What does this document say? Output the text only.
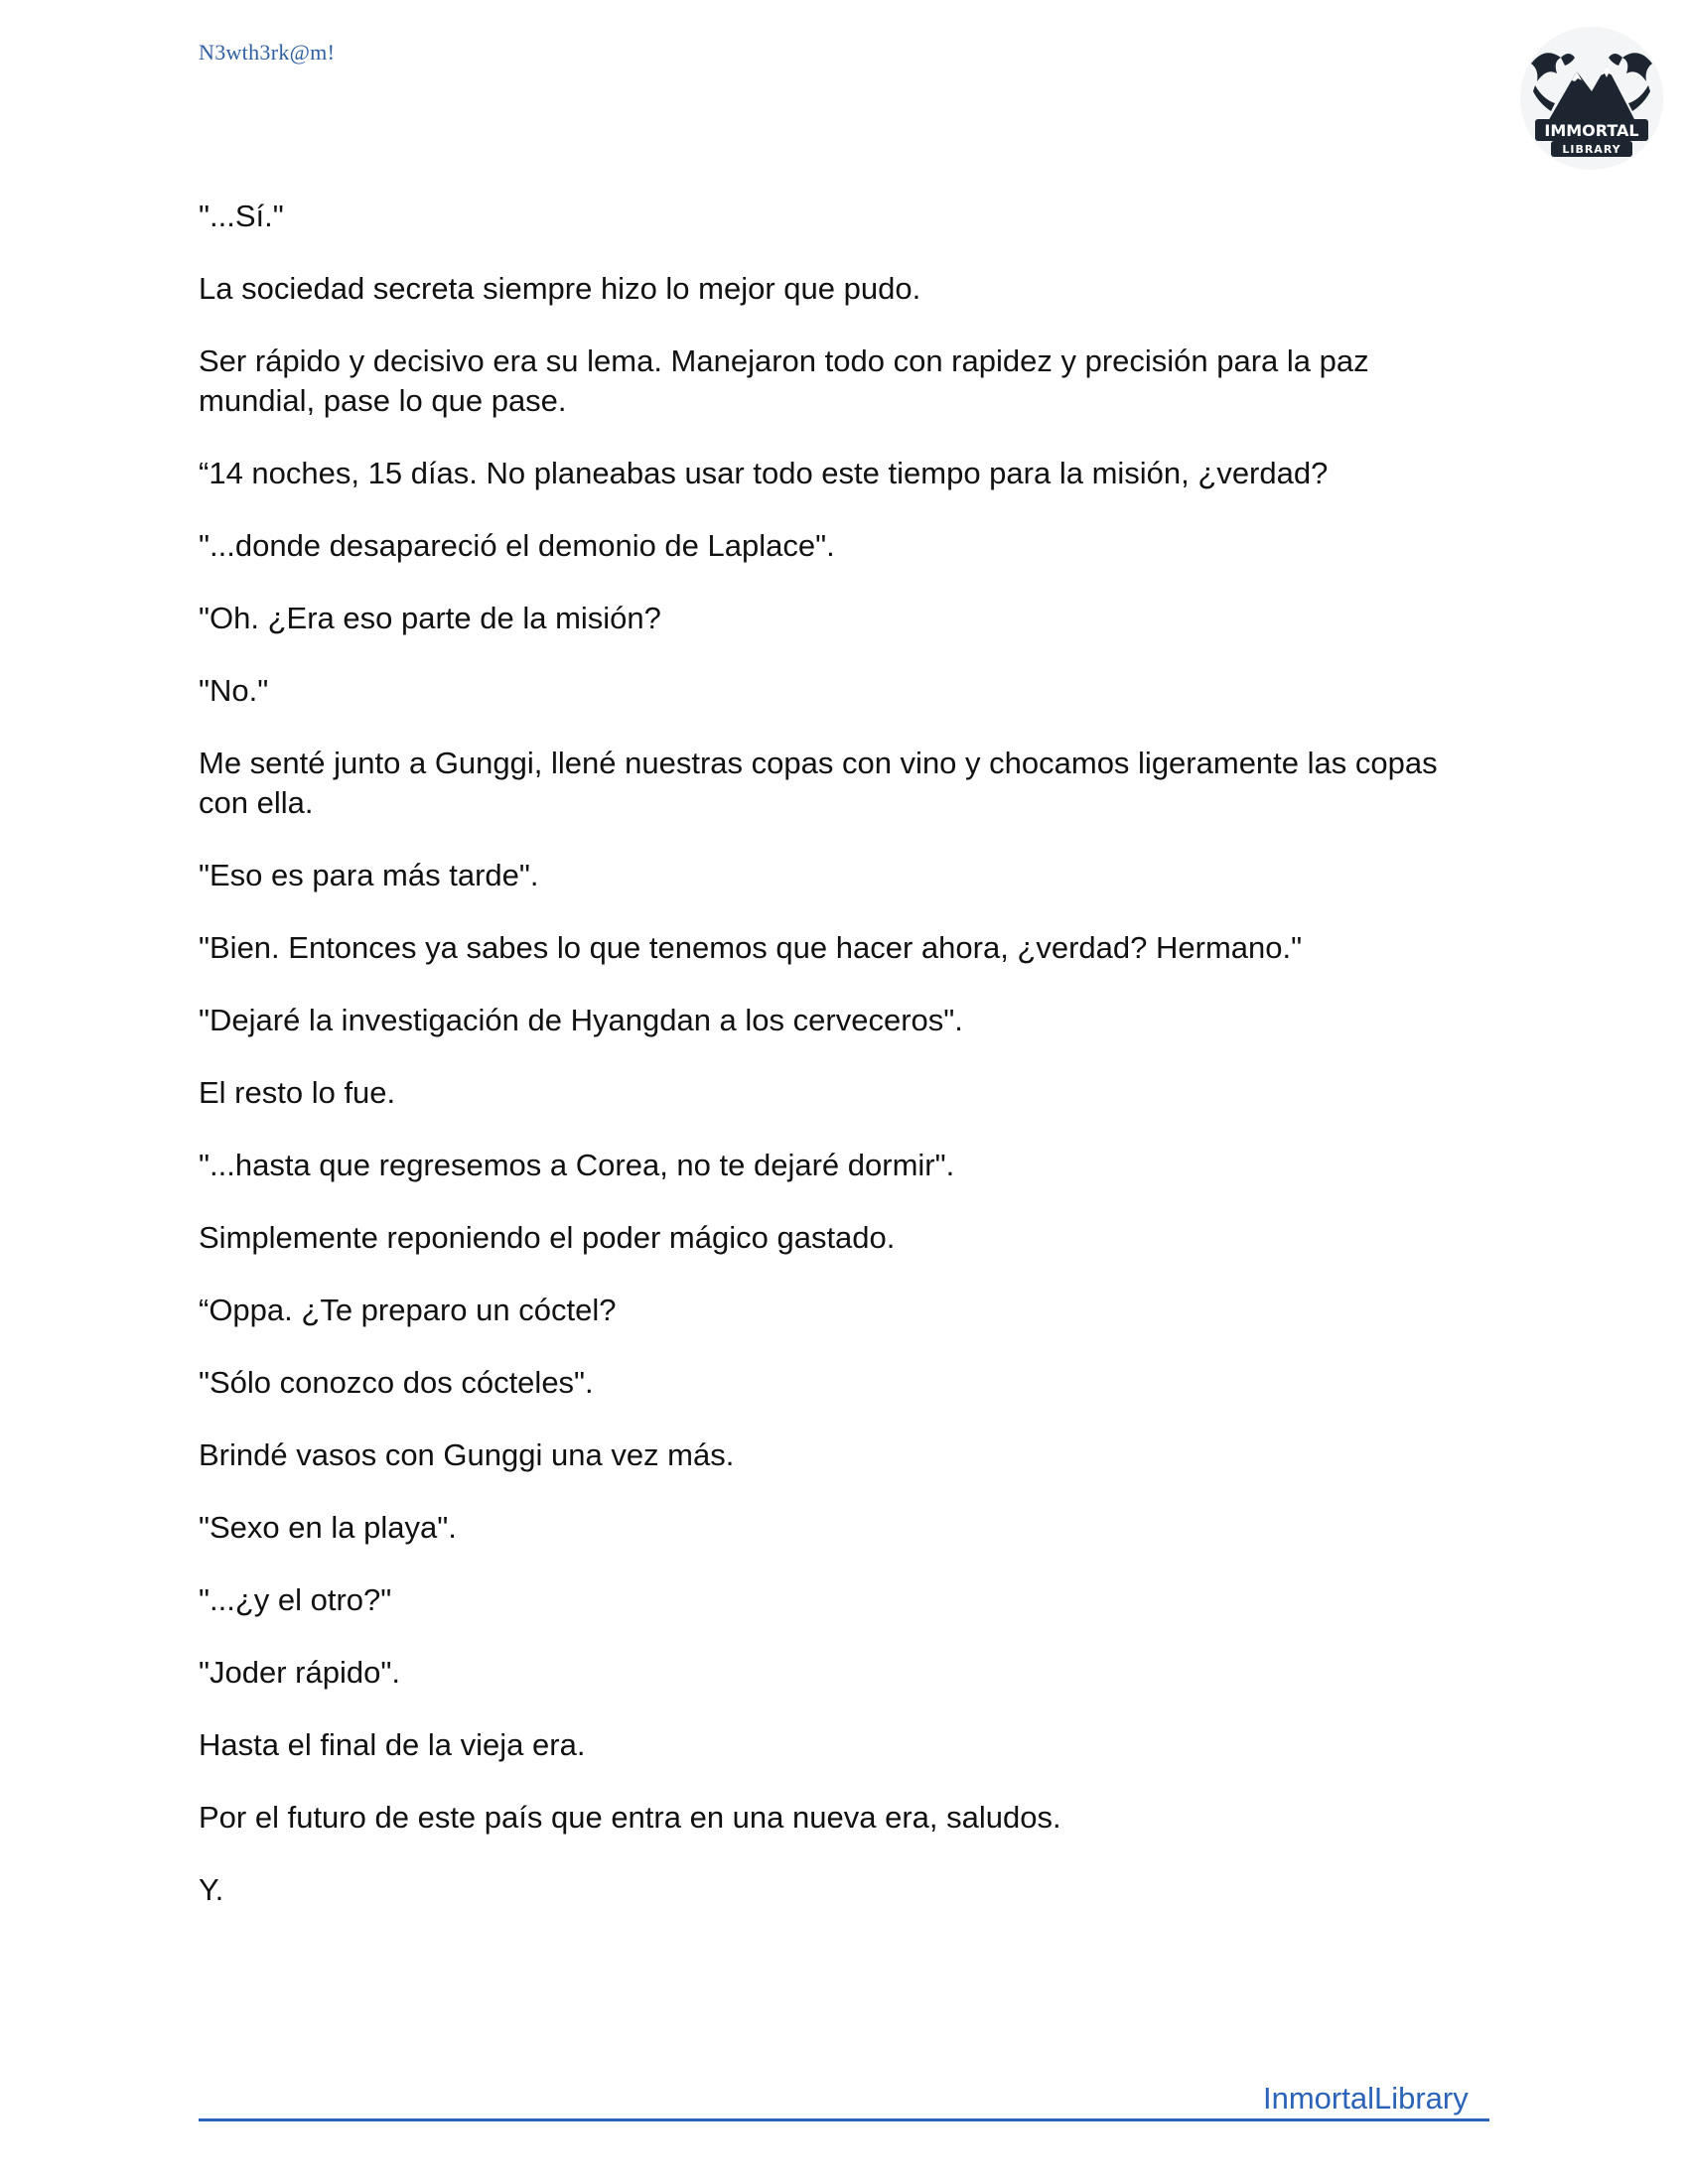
N3wth3rk@m!
IMMORTAL
LIBRARY

"...Sí."

La sociedad secreta siempre hizo lo mejor que pudo.

Ser rápido y decisivo era su lema. Manejaron todo con rapidez y precisión para la paz mundial, pase lo que pase.

“14 noches, 15 días. No planeabas usar todo este tiempo para la misión, ¿verdad?

"...donde desapareció el demonio de Laplace".

"Oh. ¿Era eso parte de la misión?

"No."

Me senté junto a Gunggi, llené nuestras copas con vino y chocamos ligeramente las copas con ella.

"Eso es para más tarde".

"Bien. Entonces ya sabes lo que tenemos que hacer ahora, ¿verdad? Hermano."

"Dejaré la investigación de Hyangdan a los cerveceros".

El resto lo fue.

"...hasta que regresemos a Corea, no te dejaré dormir".

Simplemente reponiendo el poder mágico gastado.

“Oppa. ¿Te preparo un cóctel?

"Sólo conozco dos cócteles".

Brindé vasos con Gunggi una vez más.

"Sexo en la playa".

"...¿y el otro?"

"Joder rápido".

Hasta el final de la vieja era.

Por el futuro de este país que entra en una nueva era, saludos.

Y.

InmortalLibrary
